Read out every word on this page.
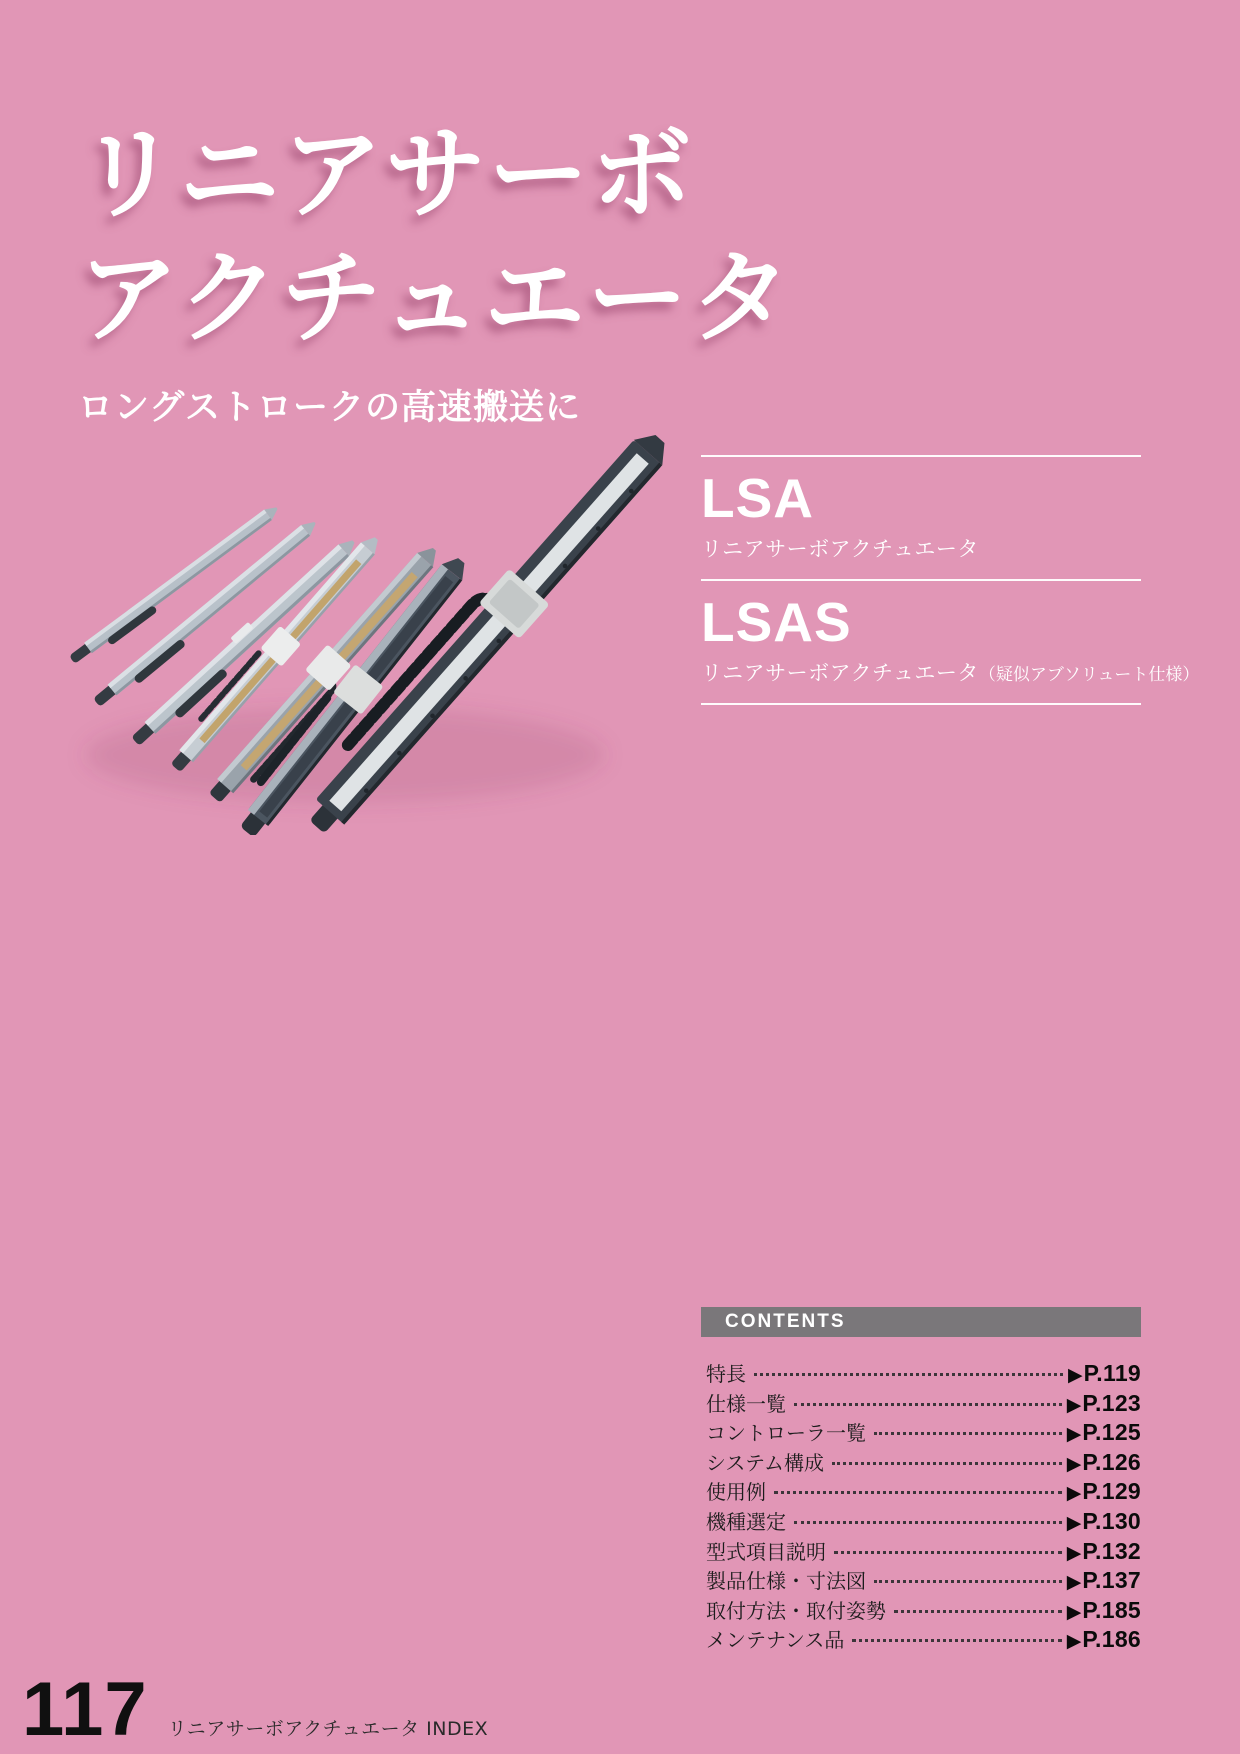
リニアサーボ
アクチュエータ
ロングストロークの高速搬送に
LSA
リニアサーボアクチュエータ
LSAS
リニアサーボアクチュエータ（疑似アブソリュート仕様）
CONTENTS
特長	▶ P.119
仕様一覧	▶ P.123
コントローラ一覧	▶ P.125
システム構成	▶ P.126
使用例	▶ P.129
機種選定	▶ P.130
型式項目説明	▶ P.132
製品仕様・寸法図	▶ P.137
取付方法・取付姿勢	▶ P.185
メンテナンス品	▶ P.186
117 リニアサーボアクチュエータ INDEX
